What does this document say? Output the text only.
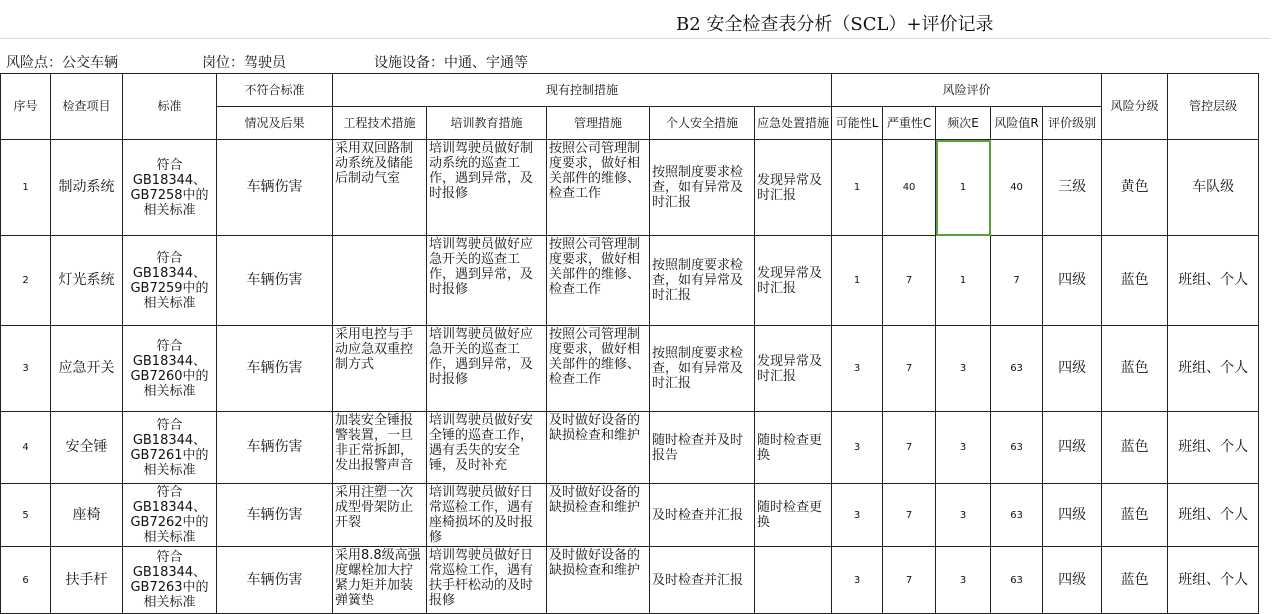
B2 安全检查表分析（SCL）+评价记录
风险点：公交车辆	岗位：驾驶员	设施设备：中通、宇通等
序号	检查项目	标准	不符合标准	现有控制措施					风险评价					风险分级	管控层级
			情况及后果	工程技术措施	培训教育措施	管理措施	个人安全措施	应急处置措施	可能性L	严重性C	频次E	风险值R	评价级别		
1	制动系统	符合GB18344、GB7258中的相关标准	车辆伤害	采用双回路制动系统及储能后制动气室	培训驾驶员做好制动系统的巡查工作，遇到异常，及时报修	按照公司管理制度要求，做好相关部件的维修、检查工作	按照制度要求检查，如有异常及时汇报	发现异常及时汇报	1	40	1	40	三级	黄色	车队级
2	灯光系统	符合GB18344、GB7259中的相关标准	车辆伤害		培训驾驶员做好应急开关的巡查工作，遇到异常，及时报修	按照公司管理制度要求，做好相关部件的维修、检查工作	按照制度要求检查，如有异常及时汇报	发现异常及时汇报	1	7	1	7	四级	蓝色	班组、个人
3	应急开关	符合GB18344、GB7260中的相关标准	车辆伤害	采用电控与手动应急双重控制方式	培训驾驶员做好应急开关的巡查工作，遇到异常，及时报修	按照公司管理制度要求，做好相关部件的维修、检查工作	按照制度要求检查，如有异常及时汇报	发现异常及时汇报	3	7	3	63	四级	蓝色	班组、个人
4	安全锤	符合GB18344、GB7261中的相关标准	车辆伤害	加装安全锤报警装置，一旦非正常拆卸，发出报警声音	培训驾驶员做好安全锤的巡查工作，遇有丢失的安全锤，及时补充	及时做好设备的缺损检查和维护	随时检查并及时报告	随时检查更换	3	7	3	63	四级	蓝色	班组、个人
5	座椅	符合GB18344、GB7262中的相关标准	车辆伤害	采用注塑一次成型骨架防止开裂	培训驾驶员做好日常巡检工作，遇有座椅损坏的及时报修	及时做好设备的缺损检查和维护	及时检查并汇报	随时检查更换	3	7	3	63	四级	蓝色	班组、个人
6	扶手杆	符合GB18344、GB7263中的相关标准	车辆伤害	采用8.8级高强度螺栓加大拧紧力矩并加装弹簧垫	培训驾驶员做好日常巡检工作，遇有扶手杆松动的及时报修	及时做好设备的缺损检查和维护	及时检查并汇报		3	7	3	63	四级	蓝色	班组、个人
